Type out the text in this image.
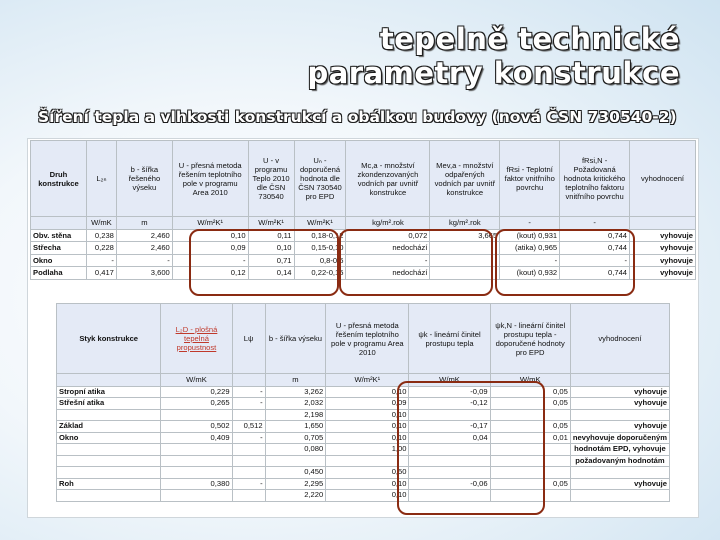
tepelně technické parametry konstrukce
Šíření tepla a vlhkosti konstrukcí a obálkou budovy (nová ČSN 730540-2)
Druh konstrukce	L₂ₙ	b - šířka řešeného výseku	U - přesná metoda řešením teplotního pole v programu Area 2010	U - v programu Teplo 2010 dle ČSN 730540	Uₙ - doporučená hodnota dle ČSN 730540 pro EPD	Mc,a - množství zkondenzovaných vodních par uvnitř konstrukce	Mev,a - množství odpařených vodních par uvnitř konstrukce	fRsi - Teplotní faktor vnitřního povrchu	fRsi,N - Požadovaná hodnota kritického teplotního faktoru vnitřního povrchu	vyhodnocení
	W/mK	m	W/m²K¹	W/m²K¹	W/m²K¹	kg/m².rok	kg/m².rok	-	-	
Obv. stěna	0,238	2,460	0,10	0,11	0,18-0,12	0,072	3,665	(kout) 0,931	0,744	vyhovuje
Střecha	0,228	2,460	0,09	0,10	0,15-0,10	nedochází	-	(atika) 0,965	0,744	vyhovuje
Okno	-	-	-	0,71	0,8-0,6	-	-	-	-	vyhovuje
Podlaha	0,417	3,600	0,12	0,14	0,22-0,15	nedochází	-	(kout) 0,932	0,744	vyhovuje
Styk konstrukce	L₂D - plošná tepelná propustnost	Lψ	b - šířka výseku	U - přesná metoda řešením teplotního pole v programu Area 2010	ψk - lineární činitel prostupu tepla	ψk,N - lineární činitel prostupu tepla - doporučené hodnoty pro EPD	vyhodnocení
	W/mK		m	W/m²K¹	W/mK	W/mK	
Stropní atika	0,229	-	3,262	0,10	-0,09	0,05	vyhovuje
Střešní atika	0,265	-	2,032	0,09	-0,12	0,05	vyhovuje
			2,198	0,10			
Základ	0,502	0,512	1,650	0,10	-0,17	0,05	vyhovuje
Okno	0,409	-	0,705	0,10	0,04	0,01	nevyhovuje doporučeným
			0,080	1,00			hodnotám EPD, vyhovuje
							požadovaným hodnotám
			0,450	0,50			
Roh	0,380	-	2,295	0,10	-0,06	0,05	vyhovuje
			2,220	0,10			
